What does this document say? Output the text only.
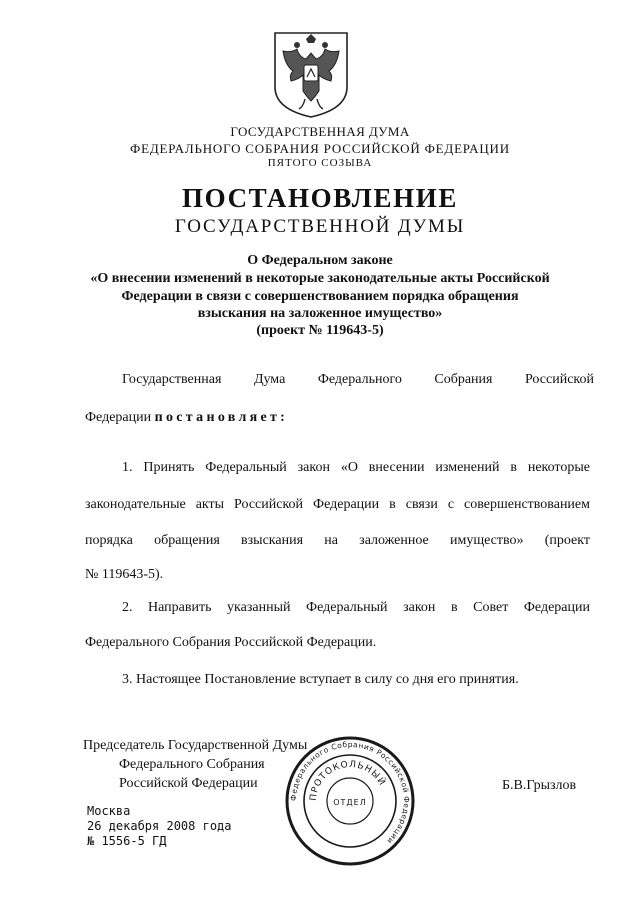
ГОСУДАРСТВЕННАЯ ДУМА
ФЕДЕРАЛЬНОГО СОБРАНИЯ РОССИЙСКОЙ ФЕДЕРАЦИИ
ПЯТОГО СОЗЫВА
ПОСТАНОВЛЕНИЕ
ГОСУДАРСТВЕННОЙ ДУМЫ
О Федеральном законе
«О внесении изменений в некоторые законодательные акты Российской
Федерации в связи с совершенствованием порядка обращения
взыскания на заложенное имущество»
(проект № 119643-5)
Государственная Дума Федерального Собрания Российской
Федерации постановляет:
1. Принять Федеральный закон «О внесении изменений в некоторые
законодательные акты Российской Федерации в связи с совершенствованием
порядка обращения взыскания на заложенное имущество» (проект
№ 119643-5).
2. Направить указанный Федеральный закон в Совет Федерации
Федерального Собрания Российской Федерации.
3. Настоящее Постановление вступает в силу со дня его принятия.
Председатель Государственной Думы
Федерального Собрания
Российской Федерации	Б.В.Грызлов
Москва
26 декабря 2008 года
№ 1556-5 ГД
Федерального Собрания Российской Федерации
ПРОТОКОЛЬНЫЙ
ОТДЕЛ
